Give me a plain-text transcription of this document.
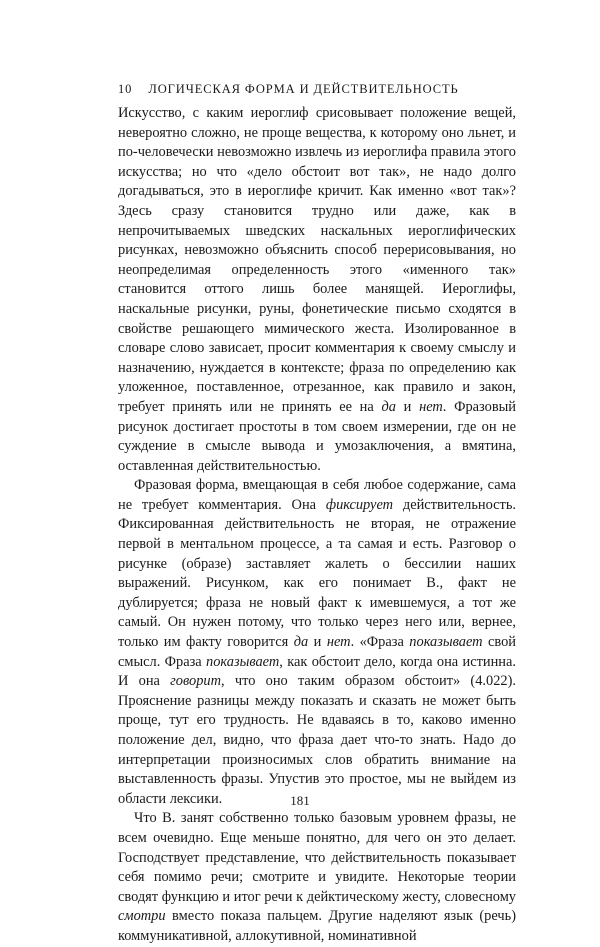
10 ЛОГИЧЕСКАЯ ФОРМА И ДЕЙСТВИТЕЛЬНОСТЬ

Искусство, с каким иероглиф срисовывает положение вещей, невероятно сложно, не проще вещества, к которому оно льнет, и по-человечески невозможно извлечь из иероглифа правила этого искусства; но что «дело обстоит вот так», не надо долго догадываться, это в иероглифе кричит. Как именно «вот так»? Здесь сразу становится трудно или даже, как в непрочитываемых шведских наскальных иероглифических рисунках, невозможно объяснить способ перерисовывания, но неопределимая определенность этого «именного так» становится оттого лишь более манящей. Иероглифы, наскальные рисунки, руны, фонетические письмо сходятся в свойстве решающего мимического жеста. Изолированное в словаре слово зависает, просит комментария к своему смыслу и назначению, нуждается в контексте; фраза по определению как уложенное, поставленное, отрезанное, как правило и закон, требует принять или не принять ее на да и нет. Фразовый рисунок достигает простоты в том своем измерении, где он не суждение в смысле вывода и умозаключения, а вмятина, оставленная действительностью.

Фразовая форма, вмещающая в себя любое содержание, сама не требует комментария. Она фиксирует действительность. Фиксированная действительность не вторая, не отражение первой в ментальном процессе, а та самая и есть. Разговор о рисунке (образе) заставляет жалеть о бессилии наших выражений. Рисунком, как его понимает В., факт не дублируется; фраза не новый факт к имевшемуся, а тот же самый. Он нужен потому, что только через него или, вернее, только им факту говорится да и нет. «Фраза показывает свой смысл. Фраза показывает, как обстоит дело, когда она истинна. И она говорит, что оно таким образом обстоит» (4.022). Прояснение разницы между показать и сказать не может быть проще, тут его трудность. Не вдаваясь в то, каково именно положение дел, видно, что фраза дает что-то знать. Надо до интерпретации произносимых слов обратить внимание на выставленность фразы. Упустив это простое, мы не выйдем из области лексики.

Что В. занят собственно только базовым уровнем фразы, не всем очевидно. Еще меньше понятно, для чего он это делает. Господствует представление, что действительность показывает себя помимо речи; смотрите и увидите. Некоторые теории сводят функцию и итог речи к дейктическому жесту, словесному смотри вместо показа пальцем. Другие наделяют язык (речь) коммуникативной, аллокутивной, номинативной

181
